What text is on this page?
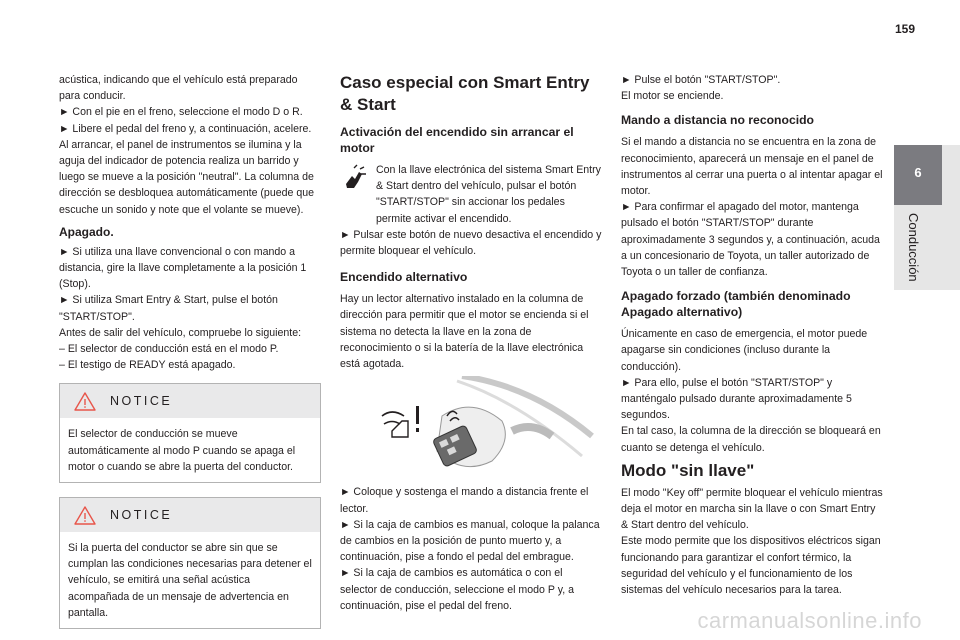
159
6
Conducción

acústica, indicando que el vehículo está preparado para conducir.

► Con el pie en el freno, seleccione el modo D o R.

► Libere el pedal del freno y, a continuación, acelere.

Al arrancar, el panel de instrumentos se ilumina y la aguja del indicador de potencia realiza un barrido y luego se mueve a la posición "neutral". La columna de dirección se desbloquea automáticamente (puede que escuche un sonido y note que el volante se mueve).

Apagado.

► Si utiliza una llave convencional o con mando a distancia, gire la llave completamente a la posición 1 (Stop).

► Si utiliza Smart Entry & Start, pulse el botón "START/STOP".

Antes de salir del vehículo, compruebe lo siguiente:

– El selector de conducción está en el modo P.

– El testigo de READY está apagado.

NOTICE
El selector de conducción se mueve automáticamente al modo P cuando se apaga el motor o cuando se abre la puerta del conductor.
NOTICE
Si la puerta del conductor se abre sin que se cumplan las condiciones necesarias para detener el vehículo, se emitirá una señal acústica acompañada de un mensaje de advertencia en pantalla.

Caso especial con Smart Entry & Start

Activación del encendido sin arrancar el motor

Con la llave electrónica del sistema Smart Entry & Start dentro del vehículo, pulsar el botón "START/STOP" sin accionar los pedales permite activar el encendido.

► Pulsar este botón de nuevo desactiva el encendido y permite bloquear el vehículo.

Encendido alternativo

Hay un lector alternativo instalado en la columna de dirección para permitir que el motor se encienda si el sistema no detecta la llave en la zona de reconocimiento o si la batería de la llave electrónica está agotada.

► Coloque y sostenga el mando a distancia frente el lector.

► Si la caja de cambios es manual, coloque la palanca de cambios en la posición de punto muerto y, a continuación, pise a fondo el pedal del embrague.

► Si la caja de cambios es automática o con el selector de conducción, seleccione el modo P y, a continuación, pise el pedal del freno.

► Pulse el botón "START/STOP".

El motor se enciende.

Mando a distancia no reconocido

Si el mando a distancia no se encuentra en la zona de reconocimiento, aparecerá un mensaje en el panel de instrumentos al cerrar una puerta o al intentar apagar el motor.

► Para confirmar el apagado del motor, mantenga pulsado el botón "START/STOP" durante aproximadamente 3 segundos y, a continuación, acuda a un concesionario de Toyota, un taller autorizado de Toyota o un taller de confianza.

Apagado forzado (también denominado Apagado alternativo)

Únicamente en caso de emergencia, el motor puede apagarse sin condiciones (incluso durante la conducción).

► Para ello, pulse el botón "START/STOP" y manténgalo pulsado durante aproximadamente 5 segundos.

En tal caso, la columna de la dirección se bloqueará en cuanto se detenga el vehículo.

Modo "sin llave"

El modo "Key off" permite bloquear el vehículo mientras deja el motor en marcha sin la llave o con Smart Entry & Start dentro del vehículo.

Este modo permite que los dispositivos eléctricos sigan funcionando para garantizar el confort térmico, la seguridad del vehículo y el funcionamiento de los sistemas del vehículo necesarios para la tarea.

carmanualsonline.info
